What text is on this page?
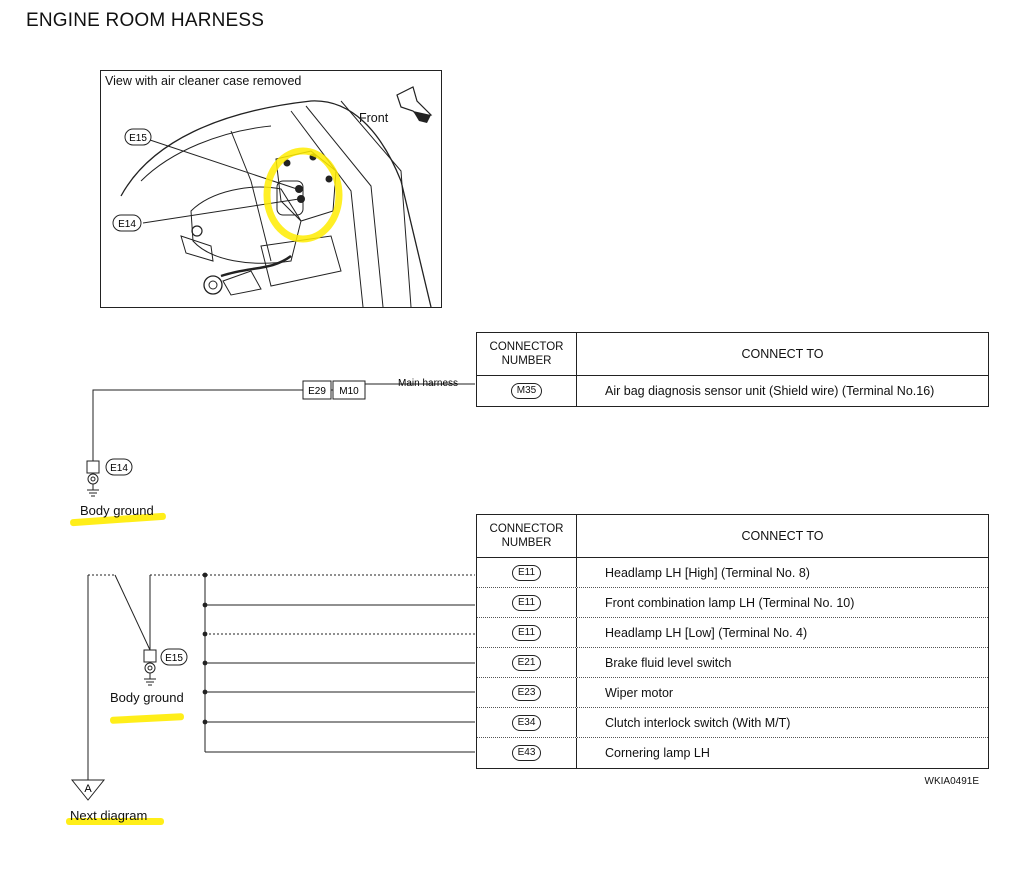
ENGINE ROOM HARNESS
View with air cleaner case removed
Front
E15
E14
E29 M10
Main harness
E14
E15
A
Body ground
Body ground
Next diagram
WKIA0491E
CONNECTOR
NUMBER	CONNECT TO
M35	Air bag diagnosis sensor unit (Shield wire) (Terminal No.16)
CONNECTOR
NUMBER	CONNECT TO
E11	Headlamp LH [High] (Terminal No. 8)
E11	Front combination lamp LH (Terminal No. 10)
E11	Headlamp LH [Low] (Terminal No. 4)
E21	Brake fluid level switch
E23	Wiper motor
E34	Clutch interlock switch (With M/T)
E43	Cornering lamp LH
